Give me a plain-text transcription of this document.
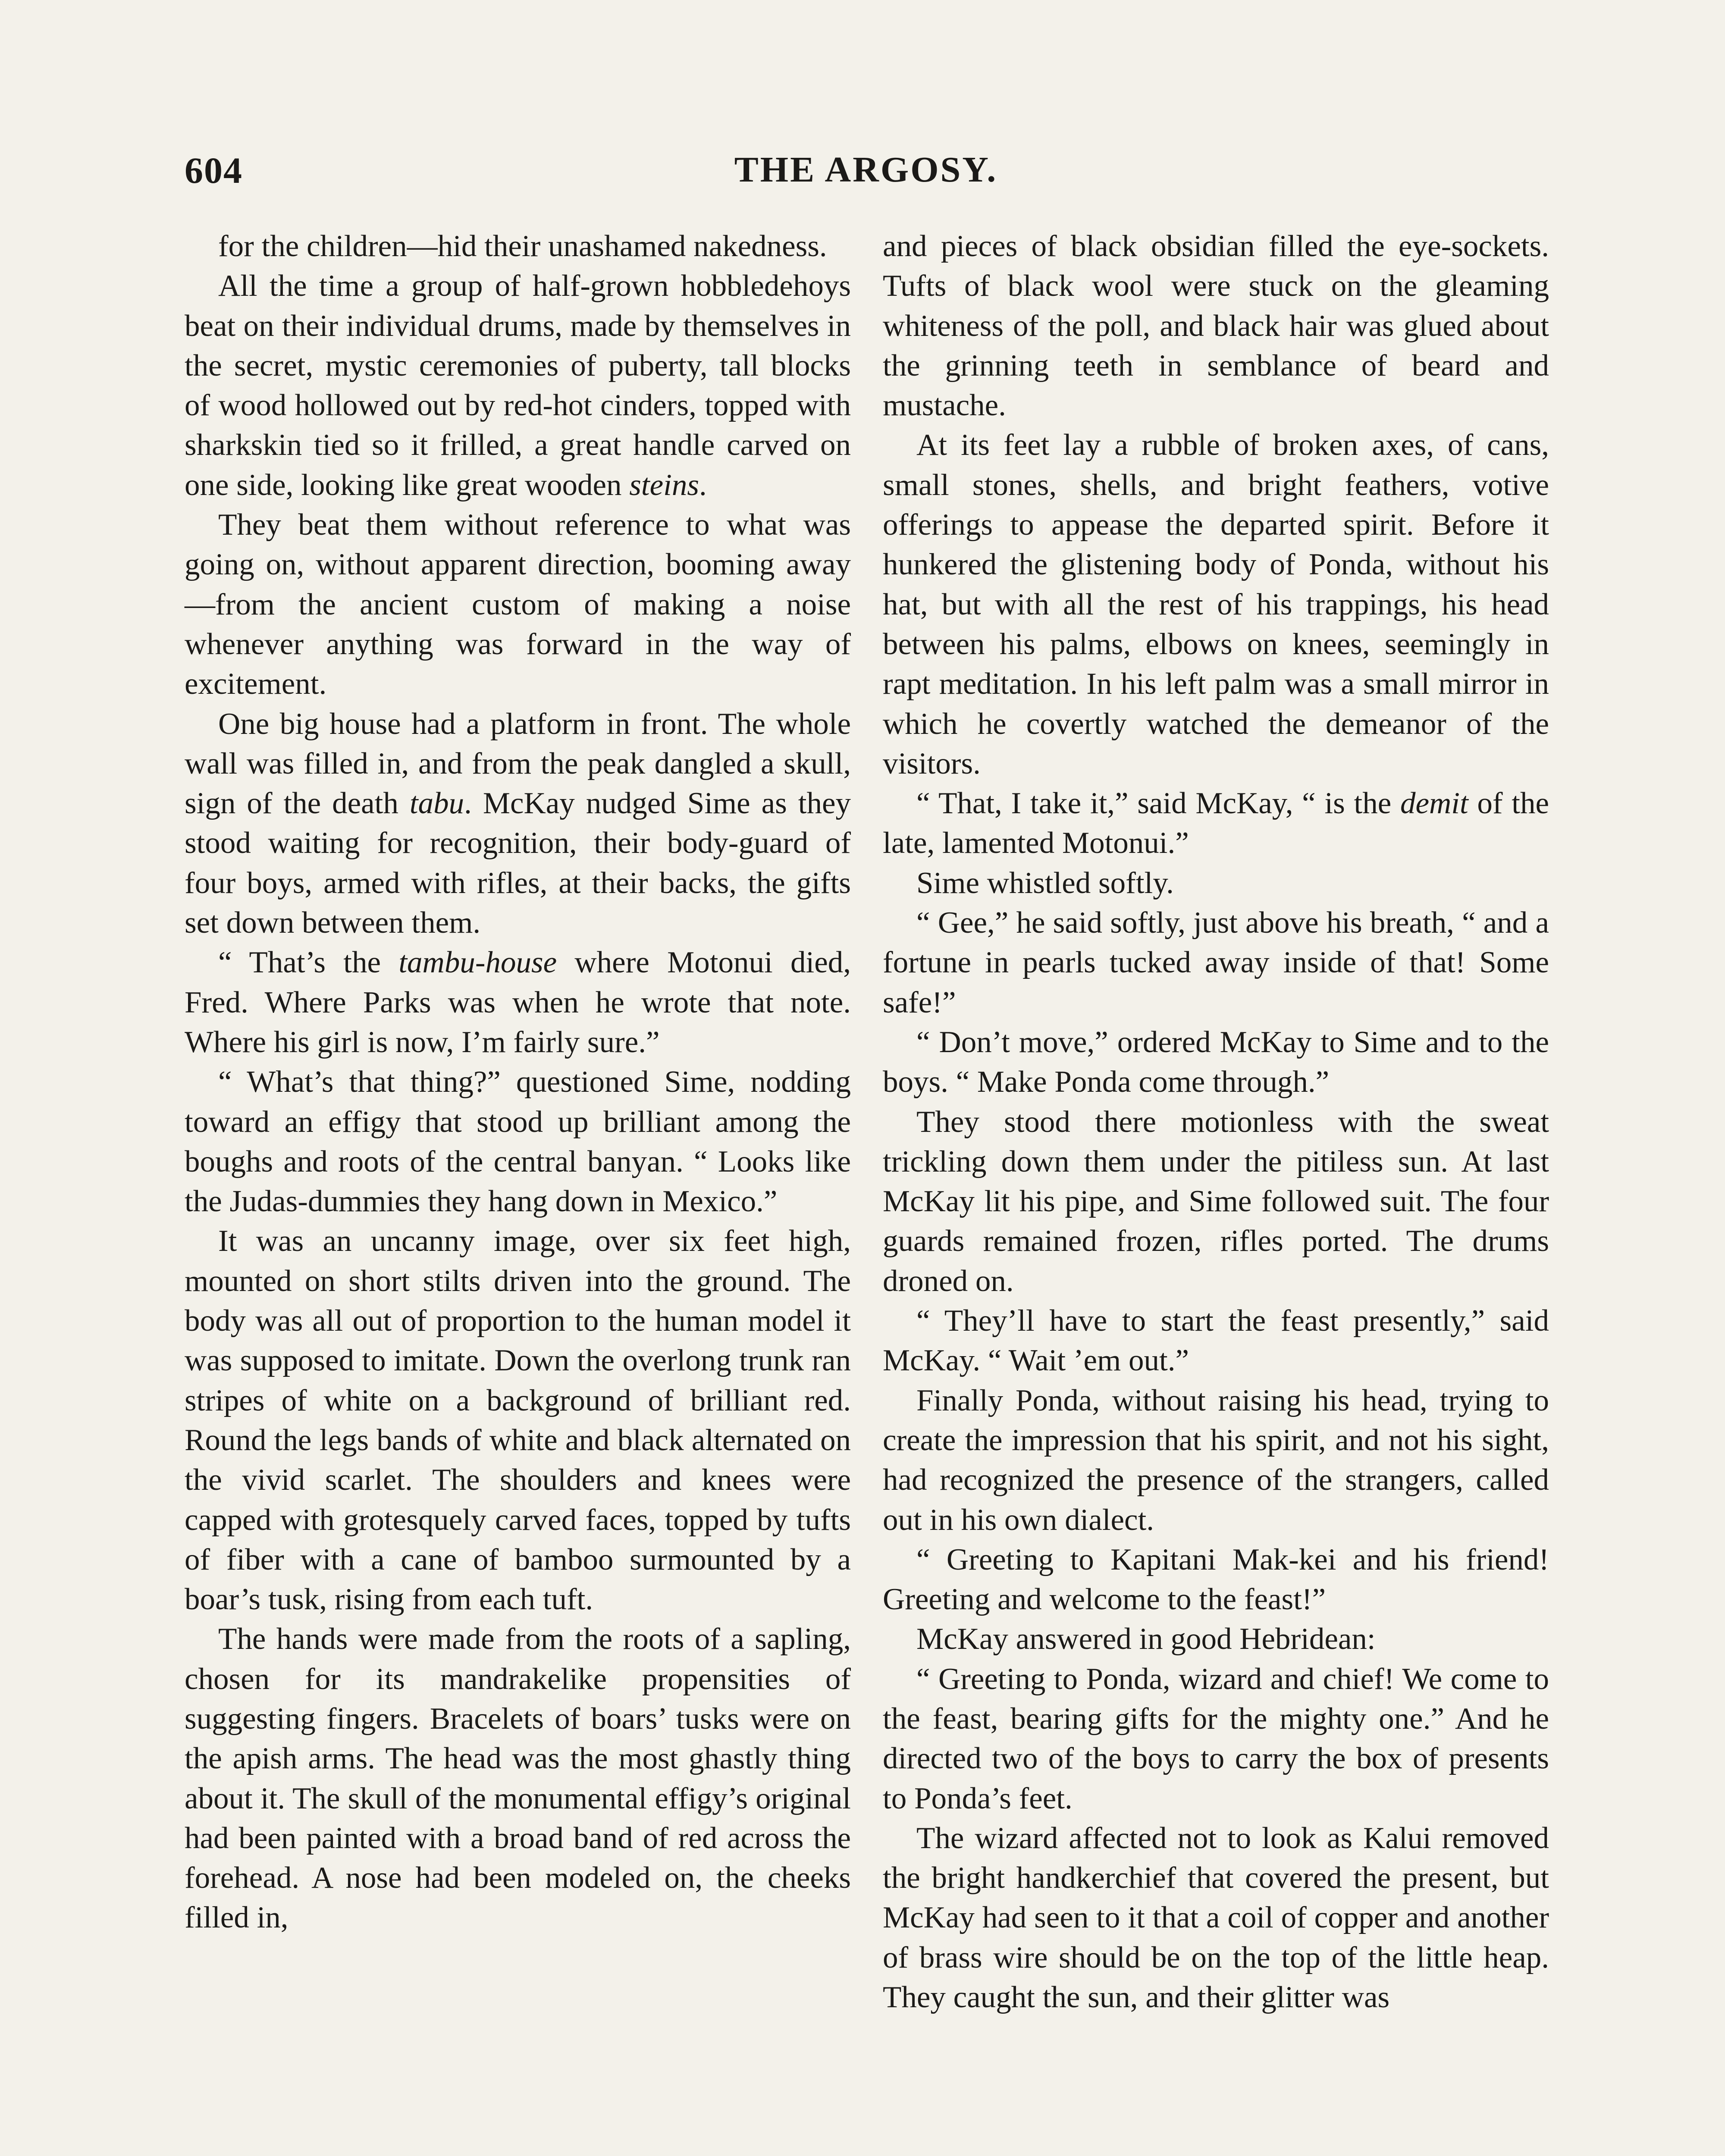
604	THE ARGOSY.

for the children—hid their unashamed nakedness.

All the time a group of half-grown hobbledehoys beat on their individual drums, made by themselves in the secret, mystic ceremonies of puberty, tall blocks of wood hollowed out by red-hot cinders, topped with sharkskin tied so it frilled, a great handle carved on one side, looking like great wooden steins.

They beat them without reference to what was going on, without apparent direction, booming away—from the ancient custom of making a noise whenever anything was forward in the way of excitement.

One big house had a platform in front. The whole wall was filled in, and from the peak dangled a skull, sign of the death tabu. McKay nudged Sime as they stood waiting for recognition, their body-guard of four boys, armed with rifles, at their backs, the gifts set down between them.

“ That’s the tambu-house where Motonui died, Fred. Where Parks was when he wrote that note. Where his girl is now, I’m fairly sure.”

“ What’s that thing?” questioned Sime, nodding toward an effigy that stood up brilliant among the boughs and roots of the central banyan. “ Looks like the Judas-dummies they hang down in Mexico.”

It was an uncanny image, over six feet high, mounted on short stilts driven into the ground. The body was all out of proportion to the human model it was supposed to imitate. Down the overlong trunk ran stripes of white on a background of brilliant red. Round the legs bands of white and black alternated on the vivid scarlet. The shoulders and knees were capped with grotesquely carved faces, topped by tufts of fiber with a cane of bamboo surmounted by a boar’s tusk, rising from each tuft.

The hands were made from the roots of a sapling, chosen for its mandrakelike propensities of suggesting fingers. Bracelets of boars’ tusks were on the apish arms. The head was the most ghastly thing about it. The skull of the monumental effigy’s original had been painted with a broad band of red across the forehead. A nose had been modeled on, the cheeks filled in,

and pieces of black obsidian filled the eye-sockets. Tufts of black wool were stuck on the gleaming whiteness of the poll, and black hair was glued about the grinning teeth in semblance of beard and mustache.

At its feet lay a rubble of broken axes, of cans, small stones, shells, and bright feathers, votive offerings to appease the departed spirit. Before it hunkered the glistening body of Ponda, without his hat, but with all the rest of his trappings, his head between his palms, elbows on knees, seemingly in rapt meditation. In his left palm was a small mirror in which he covertly watched the demeanor of the visitors.

“ That, I take it,” said McKay, “ is the demit of the late, lamented Motonui.”

Sime whistled softly.

“ Gee,” he said softly, just above his breath, “ and a fortune in pearls tucked away inside of that! Some safe!”

“ Don’t move,” ordered McKay to Sime and to the boys. “ Make Ponda come through.”

They stood there motionless with the sweat trickling down them under the pitiless sun. At last McKay lit his pipe, and Sime followed suit. The four guards remained frozen, rifles ported. The drums droned on.

“ They’ll have to start the feast presently,” said McKay. “ Wait ’em out.”

Finally Ponda, without raising his head, trying to create the impression that his spirit, and not his sight, had recognized the presence of the strangers, called out in his own dialect.

“ Greeting to Kapitani Mak-kei and his friend! Greeting and welcome to the feast!”

McKay answered in good Hebridean:

“ Greeting to Ponda, wizard and chief! We come to the feast, bearing gifts for the mighty one.” And he directed two of the boys to carry the box of presents to Ponda’s feet.

The wizard affected not to look as Kalui removed the bright handkerchief that covered the present, but McKay had seen to it that a coil of copper and another of brass wire should be on the top of the little heap. They caught the sun, and their glitter was
